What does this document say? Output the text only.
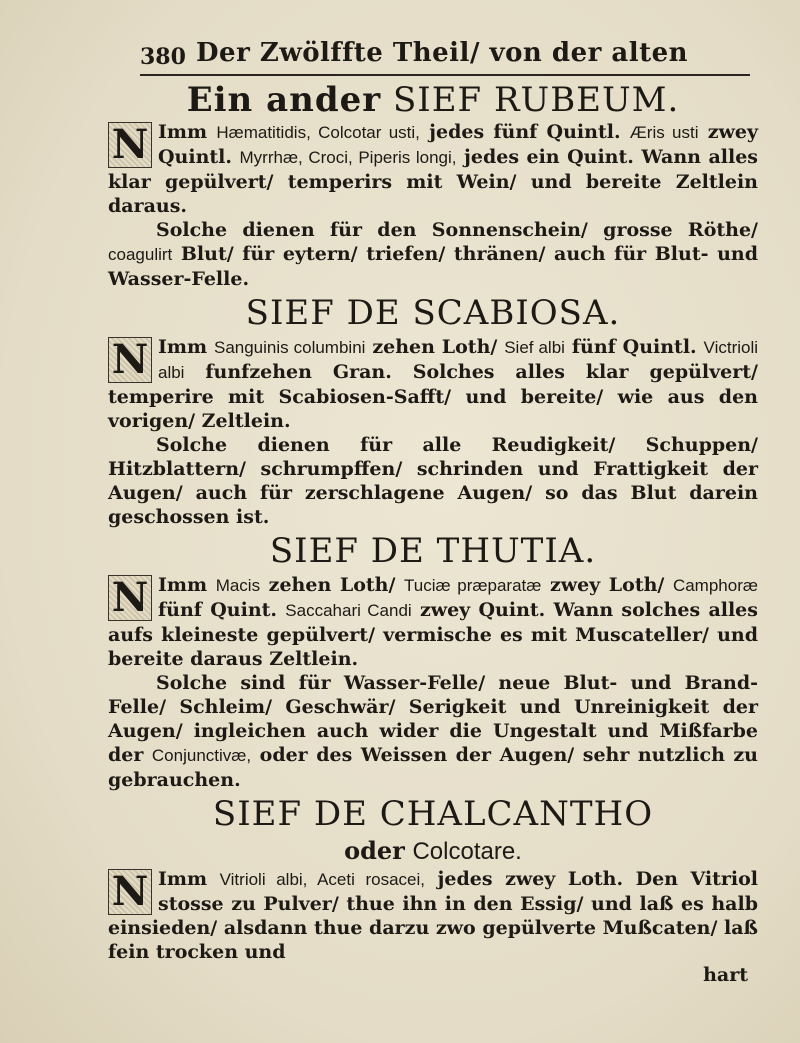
380 Der Zwölffte Theil/ von der alten
Ein ander SIEF RUBEUM.
N Imm Hæmatitidis, Colcotar usti, jedes fünf Quintl. Æris usti zwey Quintl. Myrrhæ, Croci, Piperis longi, jedes ein Quint. Wann alles klar gepülvert/ temperirs mit Wein/ und bereite Zeltlein daraus.

Solche dienen für den Sonnenschein/ grosse Röthe/ coagulirt Blut/ für eytern/ triefen/ thränen/ auch für Blut- und Wasser-Felle.

SIEF DE SCABIOSA.
N Imm Sanguinis columbini zehen Loth/ Sief albi fünf Quintl. Victrioli albi funfzehen Gran. Solches alles klar gepülvert/ temperire mit Scabiosen-Safft/ und bereite/ wie aus den vorigen/ Zeltlein.

Solche dienen für alle Reudigkeit/ Schuppen/ Hitzblattern/ schrumpffen/ schrinden und Frattigkeit der Augen/ auch für zerschlagene Augen/ so das Blut darein geschossen ist.

SIEF DE THUTIA.
N Imm Macis zehen Loth/ Tuciæ præparatæ zwey Loth/ Camphoræ fünf Quint. Saccahari Candi zwey Quint. Wann solches alles aufs kleineste gepülvert/ vermische es mit Muscateller/ und bereite daraus Zeltlein.

Solche sind für Wasser-Felle/ neue Blut- und Brand-Felle/ Schleim/ Geschwär/ Serigkeit und Unreinigkeit der Augen/ ingleichen auch wider die Ungestalt und Mißfarbe der Conjunctivæ, oder des Weissen der Augen/ sehr nutzlich zu gebrauchen.

SIEF DE CHALCANTHO

oder Colcotare.

N Imm Vitrioli albi, Aceti rosacei, jedes zwey Loth. Den Vitriol stosse zu Pulver/ thue ihn in den Essig/ und laß es halb einsieden/ alsdann thue darzu zwo gepülverte Mußcaten/ laß fein trocken und

hart
